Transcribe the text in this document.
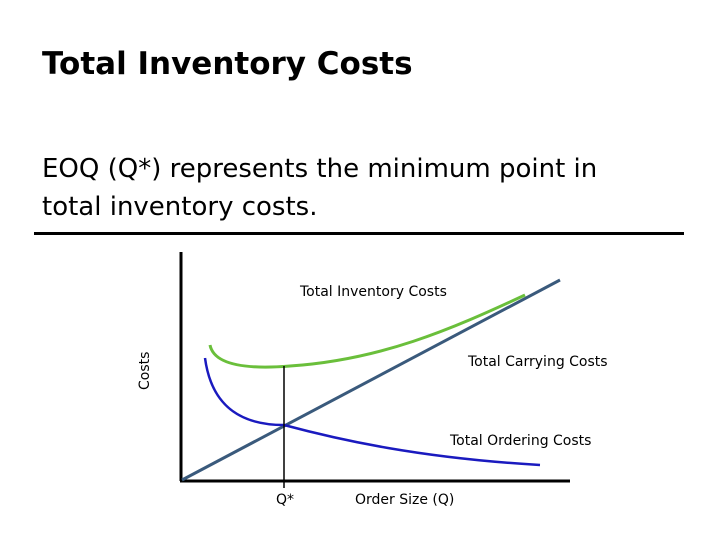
Total Inventory Costs
EOQ (Q*) represents the minimum point in total inventory costs.
Total Inventory Costs
Total Carrying Costs
Total Ordering Costs
Q*	Order Size (Q)
Costs
